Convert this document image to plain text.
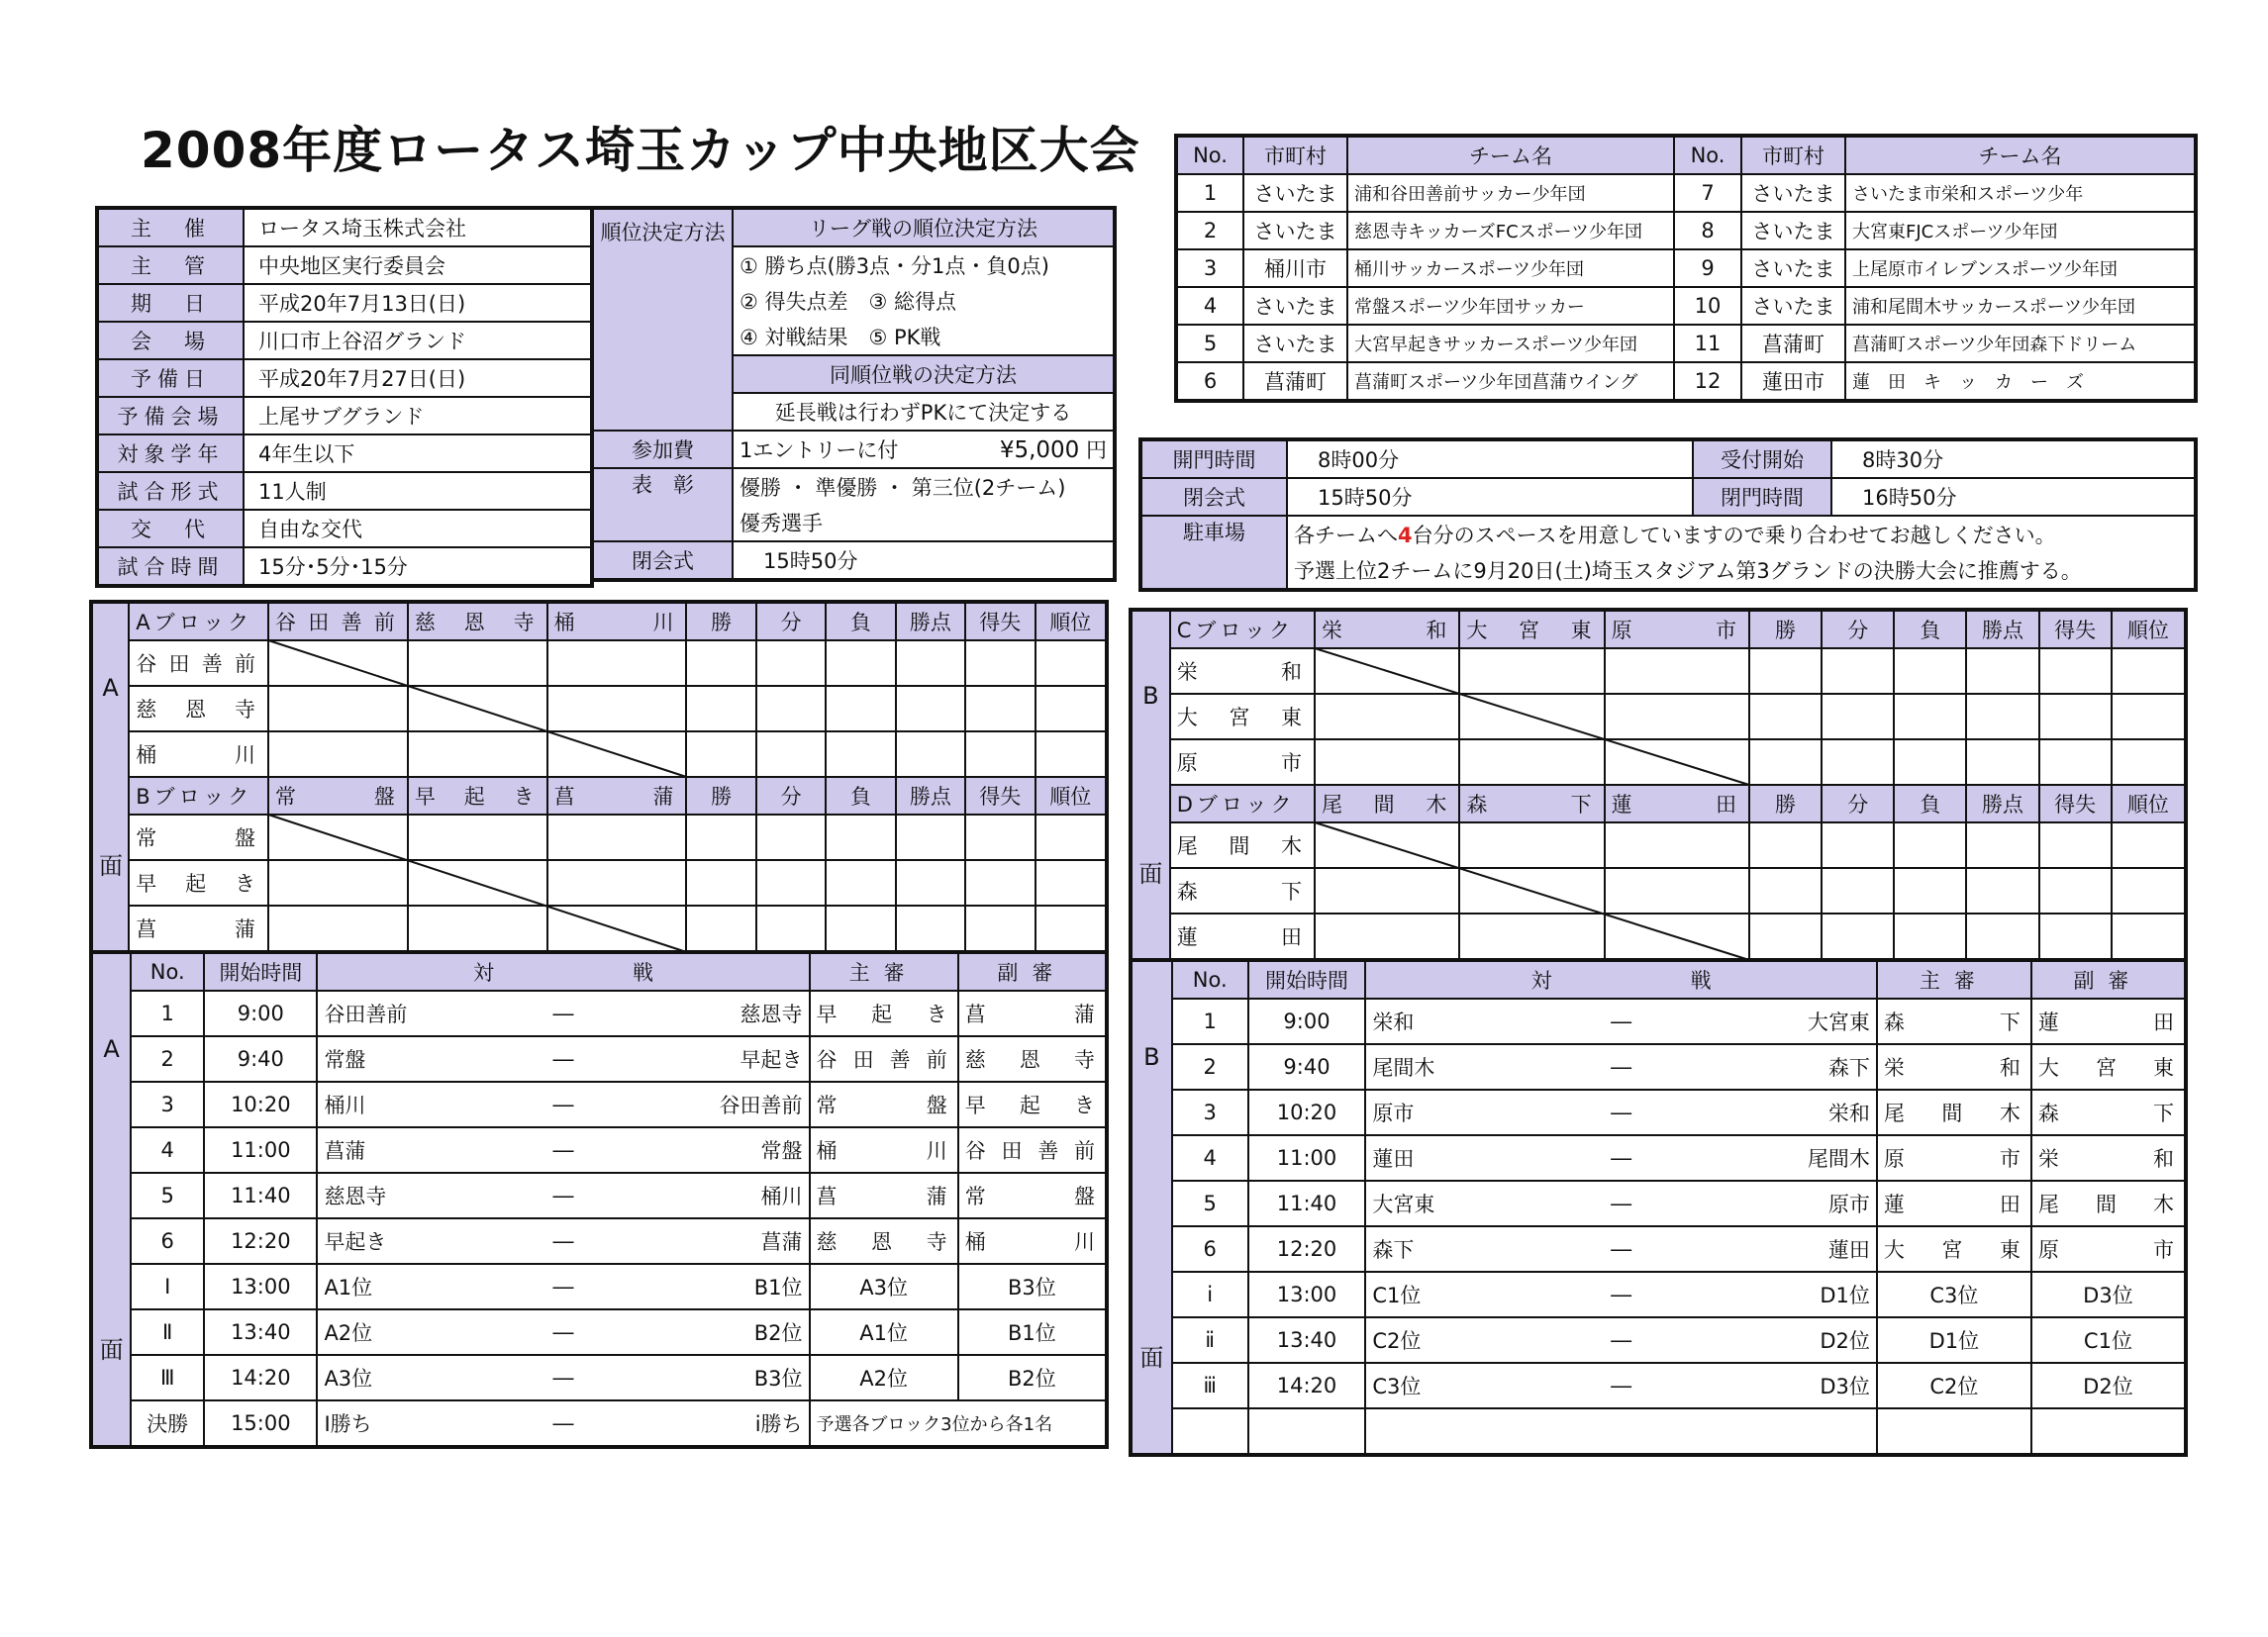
2008年度ロータス埼玉カップ中央地区大会
主　催	ロータス埼玉株式会社
主　管	中央地区実行委員会
期　日	平成20年7月13日(日)
会　場	川口市上谷沼グランド
予備日	平成20年7月27日(日)
予備会場	上尾サブグランド
対象学年	4年生以下
試合形式	11人制
交　代	自由な交代
試合時間	15分･5分･15分
順位決定方法	リーグ戦の順位決定方法
	① 勝ち点(勝3点・分1点・負0点)
	② 得失点差　③ 総得点
	④ 対戦結果　⑤ PK戦
	同順位戦の決定方法
	延長戦は行わずPKにて決定する
参加費	1エントリーに付 ¥5,000 円

表　彰	優勝 ・ 準優勝 ・ 第三位(2チーム)
	優秀選手
閉会式	15時50分
No.	市町村	チーム名	No.	市町村	チーム名
1	さいたま	浦和谷田善前サッカー少年団	7	さいたま	さいたま市栄和スポーツ少年
2	さいたま	慈恩寺キッカーズFCスポーツ少年団	8	さいたま	大宮東FJCスポーツ少年団
3	桶川市	桶川サッカースポーツ少年団	9	さいたま	上尾原市イレブンスポーツ少年団
4	さいたま	常盤スポーツ少年団サッカー	10	さいたま	浦和尾間木サッカースポーツ少年団
5	さいたま	大宮早起きサッカースポーツ少年団	11	菖蒲町	菖蒲町スポーツ少年団森下ドリーム
6	菖蒲町	菖蒲町スポーツ少年団菖蒲ウイング	12	蓮田市	蓮　田　キ　ッ　カ　ー　ズ
開門時間	8時00分	受付開始	8時30分
閉会式	15時50分	閉門時間	16時50分
駐車場	各チームへ4台分のスペースを用意していますので乗り合わせてお越しください。		
	予選上位2チームに9月20日(土)埼玉スタジアム第3グランドの決勝大会に推薦する。		
A
面	Aブロック	谷田善前	慈恩寺	桶川	勝	分	負	勝点	得失	順位
	谷田善前									
	慈恩寺									
	桶川									
	Bブロック	常盤	早起き	菖蒲	勝	分	負	勝点	得失	順位
	常盤									
	早起き									
	菖蒲									
A
面	No.	開始時間	対 戦			主審	副審
	1	9:00	谷田善前	―	慈恩寺	早起き	菖蒲
	2	9:40	常盤	―	早起き	谷田善前	慈恩寺
	3	10:20	桶川	―	谷田善前	常盤	早起き
	4	11:00	菖蒲	―	常盤	桶川	谷田善前
	5	11:40	慈恩寺	―	桶川	菖蒲	常盤
	6	12:20	早起き	―	菖蒲	慈恩寺	桶川
	Ⅰ	13:00	A1位	―	B1位	A3位	B3位
	Ⅱ	13:40	A2位	―	B2位	A1位	B1位
	Ⅲ	14:20	A3位	―	B3位	A2位	B2位
	決勝	15:00	Ⅰ勝ち	―	ⅰ勝ち	予選各ブロック3位から各1名	
B
面	Cブロック	栄和	大宮東	原市	勝	分	負	勝点	得失	順位
	栄和									
	大宮東									
	原市									
	Dブロック	尾間木	森下	蓮田	勝	分	負	勝点	得失	順位
	尾間木									
	森下									
	蓮田									
B
面	No.	開始時間	対 戦			主審	副審
	1	9:00	栄和	―	大宮東	森下	蓮田
	2	9:40	尾間木	―	森下	栄和	大宮東
	3	10:20	原市	―	栄和	尾間木	森下
	4	11:00	蓮田	―	尾間木	原市	栄和
	5	11:40	大宮東	―	原市	蓮田	尾間木
	6	12:20	森下	―	蓮田	大宮東	原市
	ⅰ	13:00	C1位	―	D1位	C3位	D3位
	ⅱ	13:40	C2位	―	D2位	D1位	C1位
	ⅲ	14:20	C3位	―	D3位	C2位	D2位
